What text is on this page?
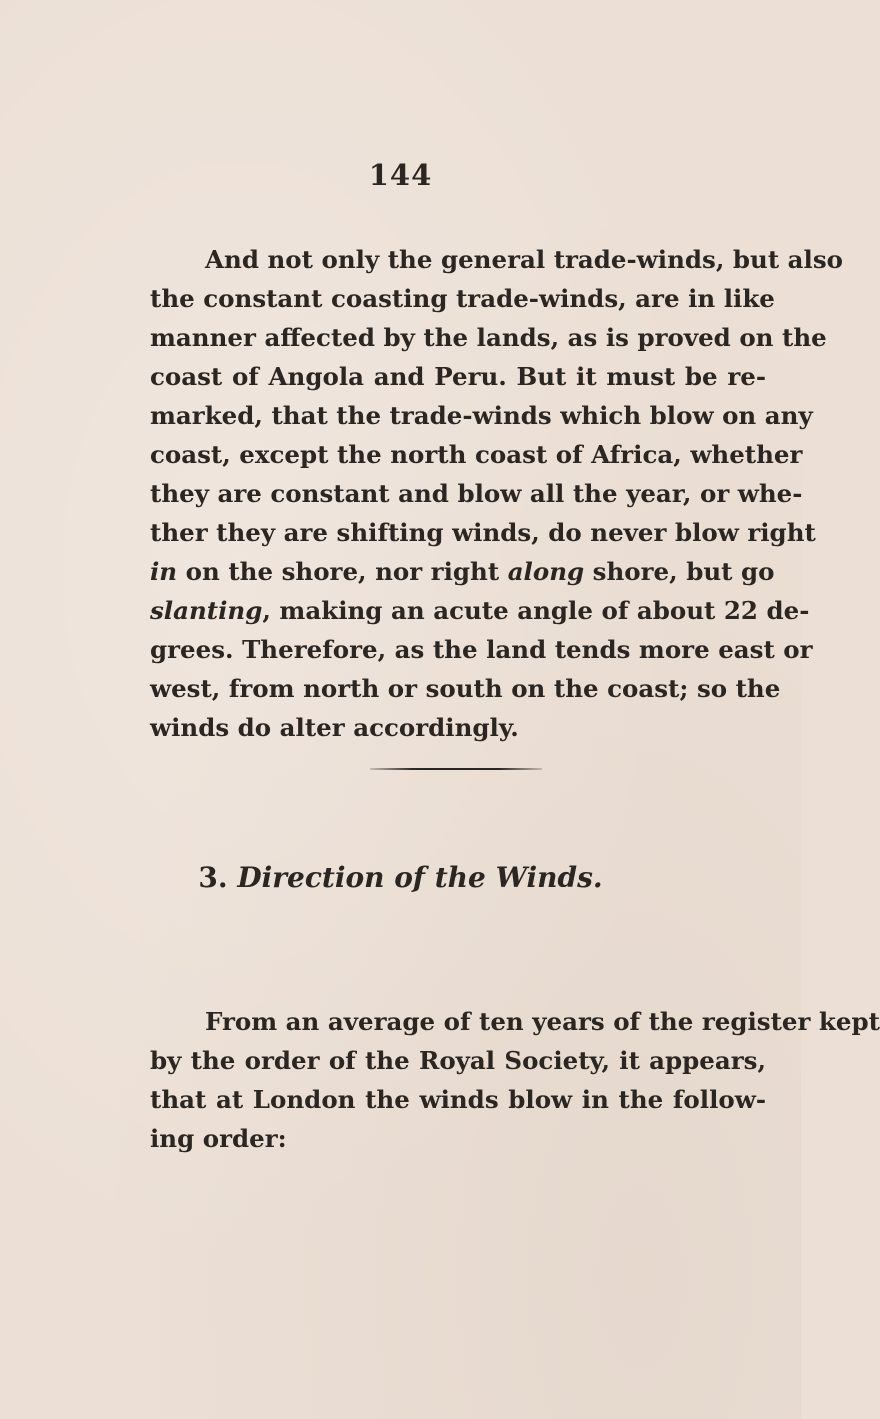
144
And not only the general trade-winds, but also
the constant coasting trade-winds, are in like
manner affected by the lands, as is proved on the
coast of Angola and Peru. But it must be re-
marked, that the trade-winds which blow on any
coast, except the north coast of Africa, whether
they are constant and blow all the year, or whe-
ther they are shifting winds, do never blow right
in on the shore, nor right along shore, but go
slanting, making an acute angle of about 22 de-
grees. Therefore, as the land tends more east or
west, from north or south on the coast; so the
winds do alter accordingly.
3. Direction of the Winds.
From an average of ten years of the register kept
by the order of the Royal Society, it appears,
that at London the winds blow in the follow-
ing order:
